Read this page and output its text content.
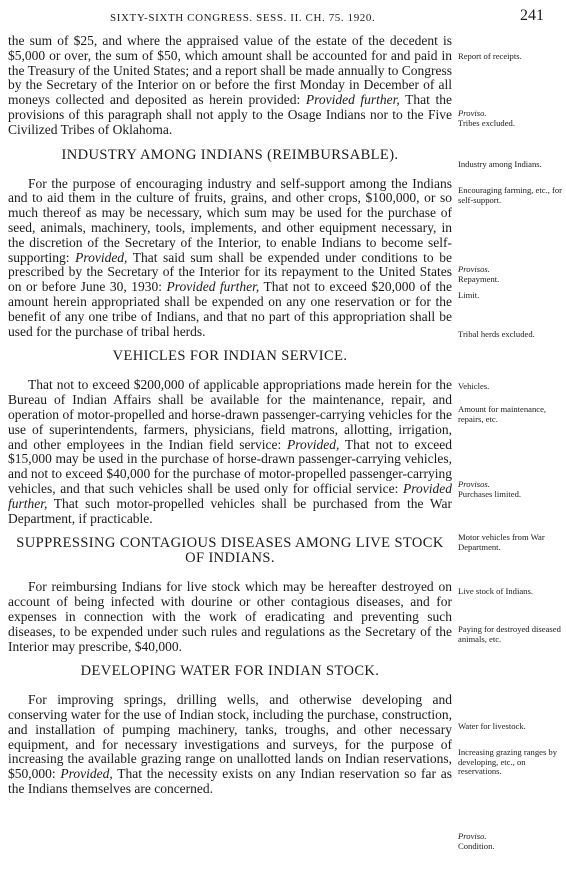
SIXTY-SIXTH CONGRESS. SESS. II. CH. 75. 1920.	241

the sum of $25, and where the appraised value of the estate of the decedent is $5,000 or over, the sum of $50, which amount shall be accounted for and paid in the Treasury of the United States; and a report shall be made annually to Congress by the Secretary of the Interior on or before the first Monday in December of all moneys collected and deposited as herein provided: Provided further, That the provisions of this paragraph shall not apply to the Osage Indians nor to the Five Civilized Tribes of Oklahoma.

INDUSTRY AMONG INDIANS (REIMBURSABLE).

For the purpose of encouraging industry and self-support among the Indians and to aid them in the culture of fruits, grains, and other crops, $100,000, or so much thereof as may be necessary, which sum may be used for the purchase of seed, animals, machinery, tools, implements, and other equipment necessary, in the discretion of the Secretary of the Interior, to enable Indians to become self-supporting: Provided, That said sum shall be expended under conditions to be prescribed by the Secretary of the Interior for its repayment to the United States on or before June 30, 1930: Provided further, That not to exceed $20,000 of the amount herein appropriated shall be expended on any one reservation or for the benefit of any one tribe of Indians, and that no part of this appropriation shall be used for the purchase of tribal herds.

VEHICLES FOR INDIAN SERVICE.

That not to exceed $200,000 of applicable appropriations made herein for the Bureau of Indian Affairs shall be available for the maintenance, repair, and operation of motor-propelled and horse-drawn passenger-carrying vehicles for the use of superintendents, farmers, physicians, field matrons, allotting, irrigation, and other employees in the Indian field service: Provided, That not to exceed $15,000 may be used in the purchase of horse-drawn passenger-carrying vehicles, and not to exceed $40,000 for the purchase of motor-propelled passenger-carrying vehicles, and that such vehicles shall be used only for official service: Provided further, That such motor-propelled vehicles shall be purchased from the War Department, if practicable.

SUPPRESSING CONTAGIOUS DISEASES AMONG LIVE STOCK OF INDIANS.

For reimbursing Indians for live stock which may be hereafter destroyed on account of being infected with dourine or other contagious diseases, and for expenses in connection with the work of eradicating and preventing such diseases, to be expended under such rules and regulations as the Secretary of the Interior may prescribe, $40,000.

DEVELOPING WATER FOR INDIAN STOCK.

For improving springs, drilling wells, and otherwise developing and conserving water for the use of Indian stock, including the purchase, construction, and installation of pumping machinery, tanks, troughs, and other necessary equipment, and for necessary investigations and surveys, for the purpose of increasing the available grazing range on unallotted lands on Indian reservations, $50,000: Provided, That the necessity exists on any Indian reservation so far as the Indians themselves are concerned.

Report of receipts.
Proviso.
Tribes excluded.
Industry among Indians.
Encouraging farming, etc., for self-support.
Provisos.
Repayment.
Limit.
Tribal herds excluded.
Vehicles.
Amount for maintenance, repairs, etc.
Provisos.
Purchases limited.
Motor vehicles from War Department.
Live stock of Indians.
Paying for destroyed diseased animals, etc.
Water for livestock.
Increasing grazing ranges by developing, etc., on reservations.
Proviso.
Condition.
